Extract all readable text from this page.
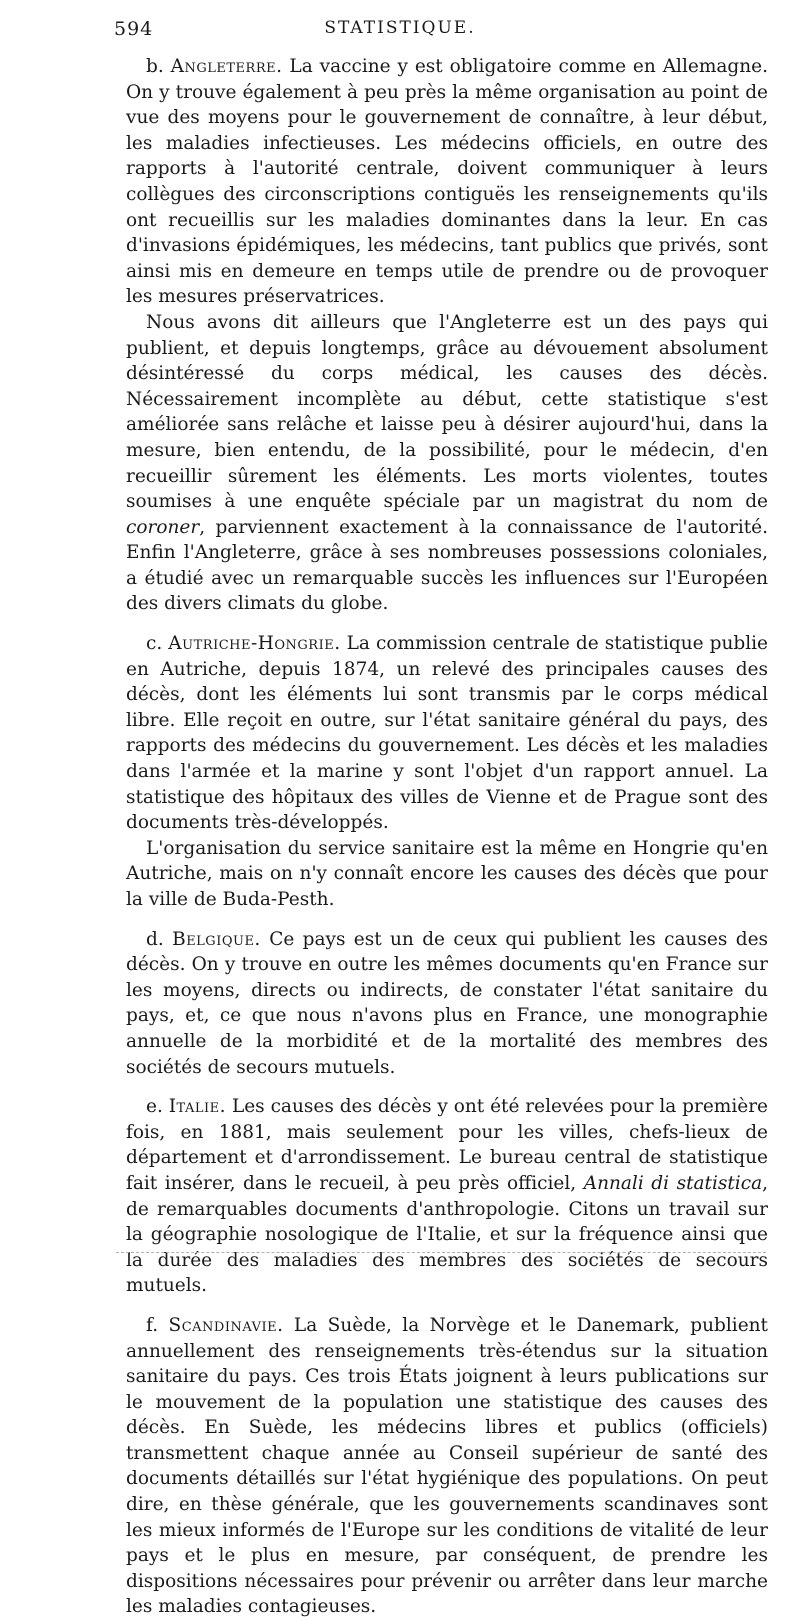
594	STATISTIQUE.

b. Angleterre. La vaccine y est obligatoire comme en Allemagne. On y trouve également à peu près la même organisation au point de vue des moyens pour le gouvernement de connaître, à leur début, les maladies infectieuses. Les médecins officiels, en outre des rapports à l'autorité centrale, doivent communiquer à leurs collègues des circonscriptions contiguës les renseignements qu'ils ont recueillis sur les maladies dominantes dans la leur. En cas d'invasions épidémiques, les médecins, tant publics que privés, sont ainsi mis en demeure en temps utile de prendre ou de provoquer les mesures préservatrices.

Nous avons dit ailleurs que l'Angleterre est un des pays qui publient, et depuis longtemps, grâce au dévouement absolument désintéressé du corps médical, les causes des décès. Nécessairement incomplète au début, cette statistique s'est améliorée sans relâche et laisse peu à désirer aujourd'hui, dans la mesure, bien entendu, de la possibilité, pour le médecin, d'en recueillir sûrement les éléments. Les morts violentes, toutes soumises à une enquête spéciale par un magistrat du nom de coroner, parviennent exactement à la connaissance de l'autorité. Enfin l'Angleterre, grâce à ses nombreuses possessions coloniales, a étudié avec un remarquable succès les influences sur l'Européen des divers climats du globe.

c. Autriche-Hongrie. La commission centrale de statistique publie en Autriche, depuis 1874, un relevé des principales causes des décès, dont les éléments lui sont transmis par le corps médical libre. Elle reçoit en outre, sur l'état sanitaire général du pays, des rapports des médecins du gouvernement. Les décès et les maladies dans l'armée et la marine y sont l'objet d'un rapport annuel. La statistique des hôpitaux des villes de Vienne et de Prague sont des documents très-développés.

L'organisation du service sanitaire est la même en Hongrie qu'en Autriche, mais on n'y connaît encore les causes des décès que pour la ville de Buda-Pesth.

d. Belgique. Ce pays est un de ceux qui publient les causes des décès. On y trouve en outre les mêmes documents qu'en France sur les moyens, directs ou indirects, de constater l'état sanitaire du pays, et, ce que nous n'avons plus en France, une monographie annuelle de la morbidité et de la mortalité des membres des sociétés de secours mutuels.

e. Italie. Les causes des décès y ont été relevées pour la première fois, en 1881, mais seulement pour les villes, chefs-lieux de département et d'arrondissement. Le bureau central de statistique fait insérer, dans le recueil, à peu près officiel, Annali di statistica, de remarquables documents d'anthropologie. Citons un travail sur la géographie nosologique de l'Italie, et sur la fréquence ainsi que la durée des maladies des membres des sociétés de secours mutuels.

f. Scandinavie. La Suède, la Norvège et le Danemark, publient annuellement des renseignements très-étendus sur la situation sanitaire du pays. Ces trois États joignent à leurs publications sur le mouvement de la population une statistique des causes des décès. En Suède, les médecins libres et publics (officiels) transmettent chaque année au Conseil supérieur de santé des documents détaillés sur l'état hygiénique des populations. On peut dire, en thèse générale, que les gouvernements scandinaves sont les mieux informés de l'Europe sur les conditions de vitalité de leur pays et le plus en mesure, par conséquent, de prendre les dispositions nécessaires pour prévenir ou arrêter dans leur marche les maladies contagieuses.
